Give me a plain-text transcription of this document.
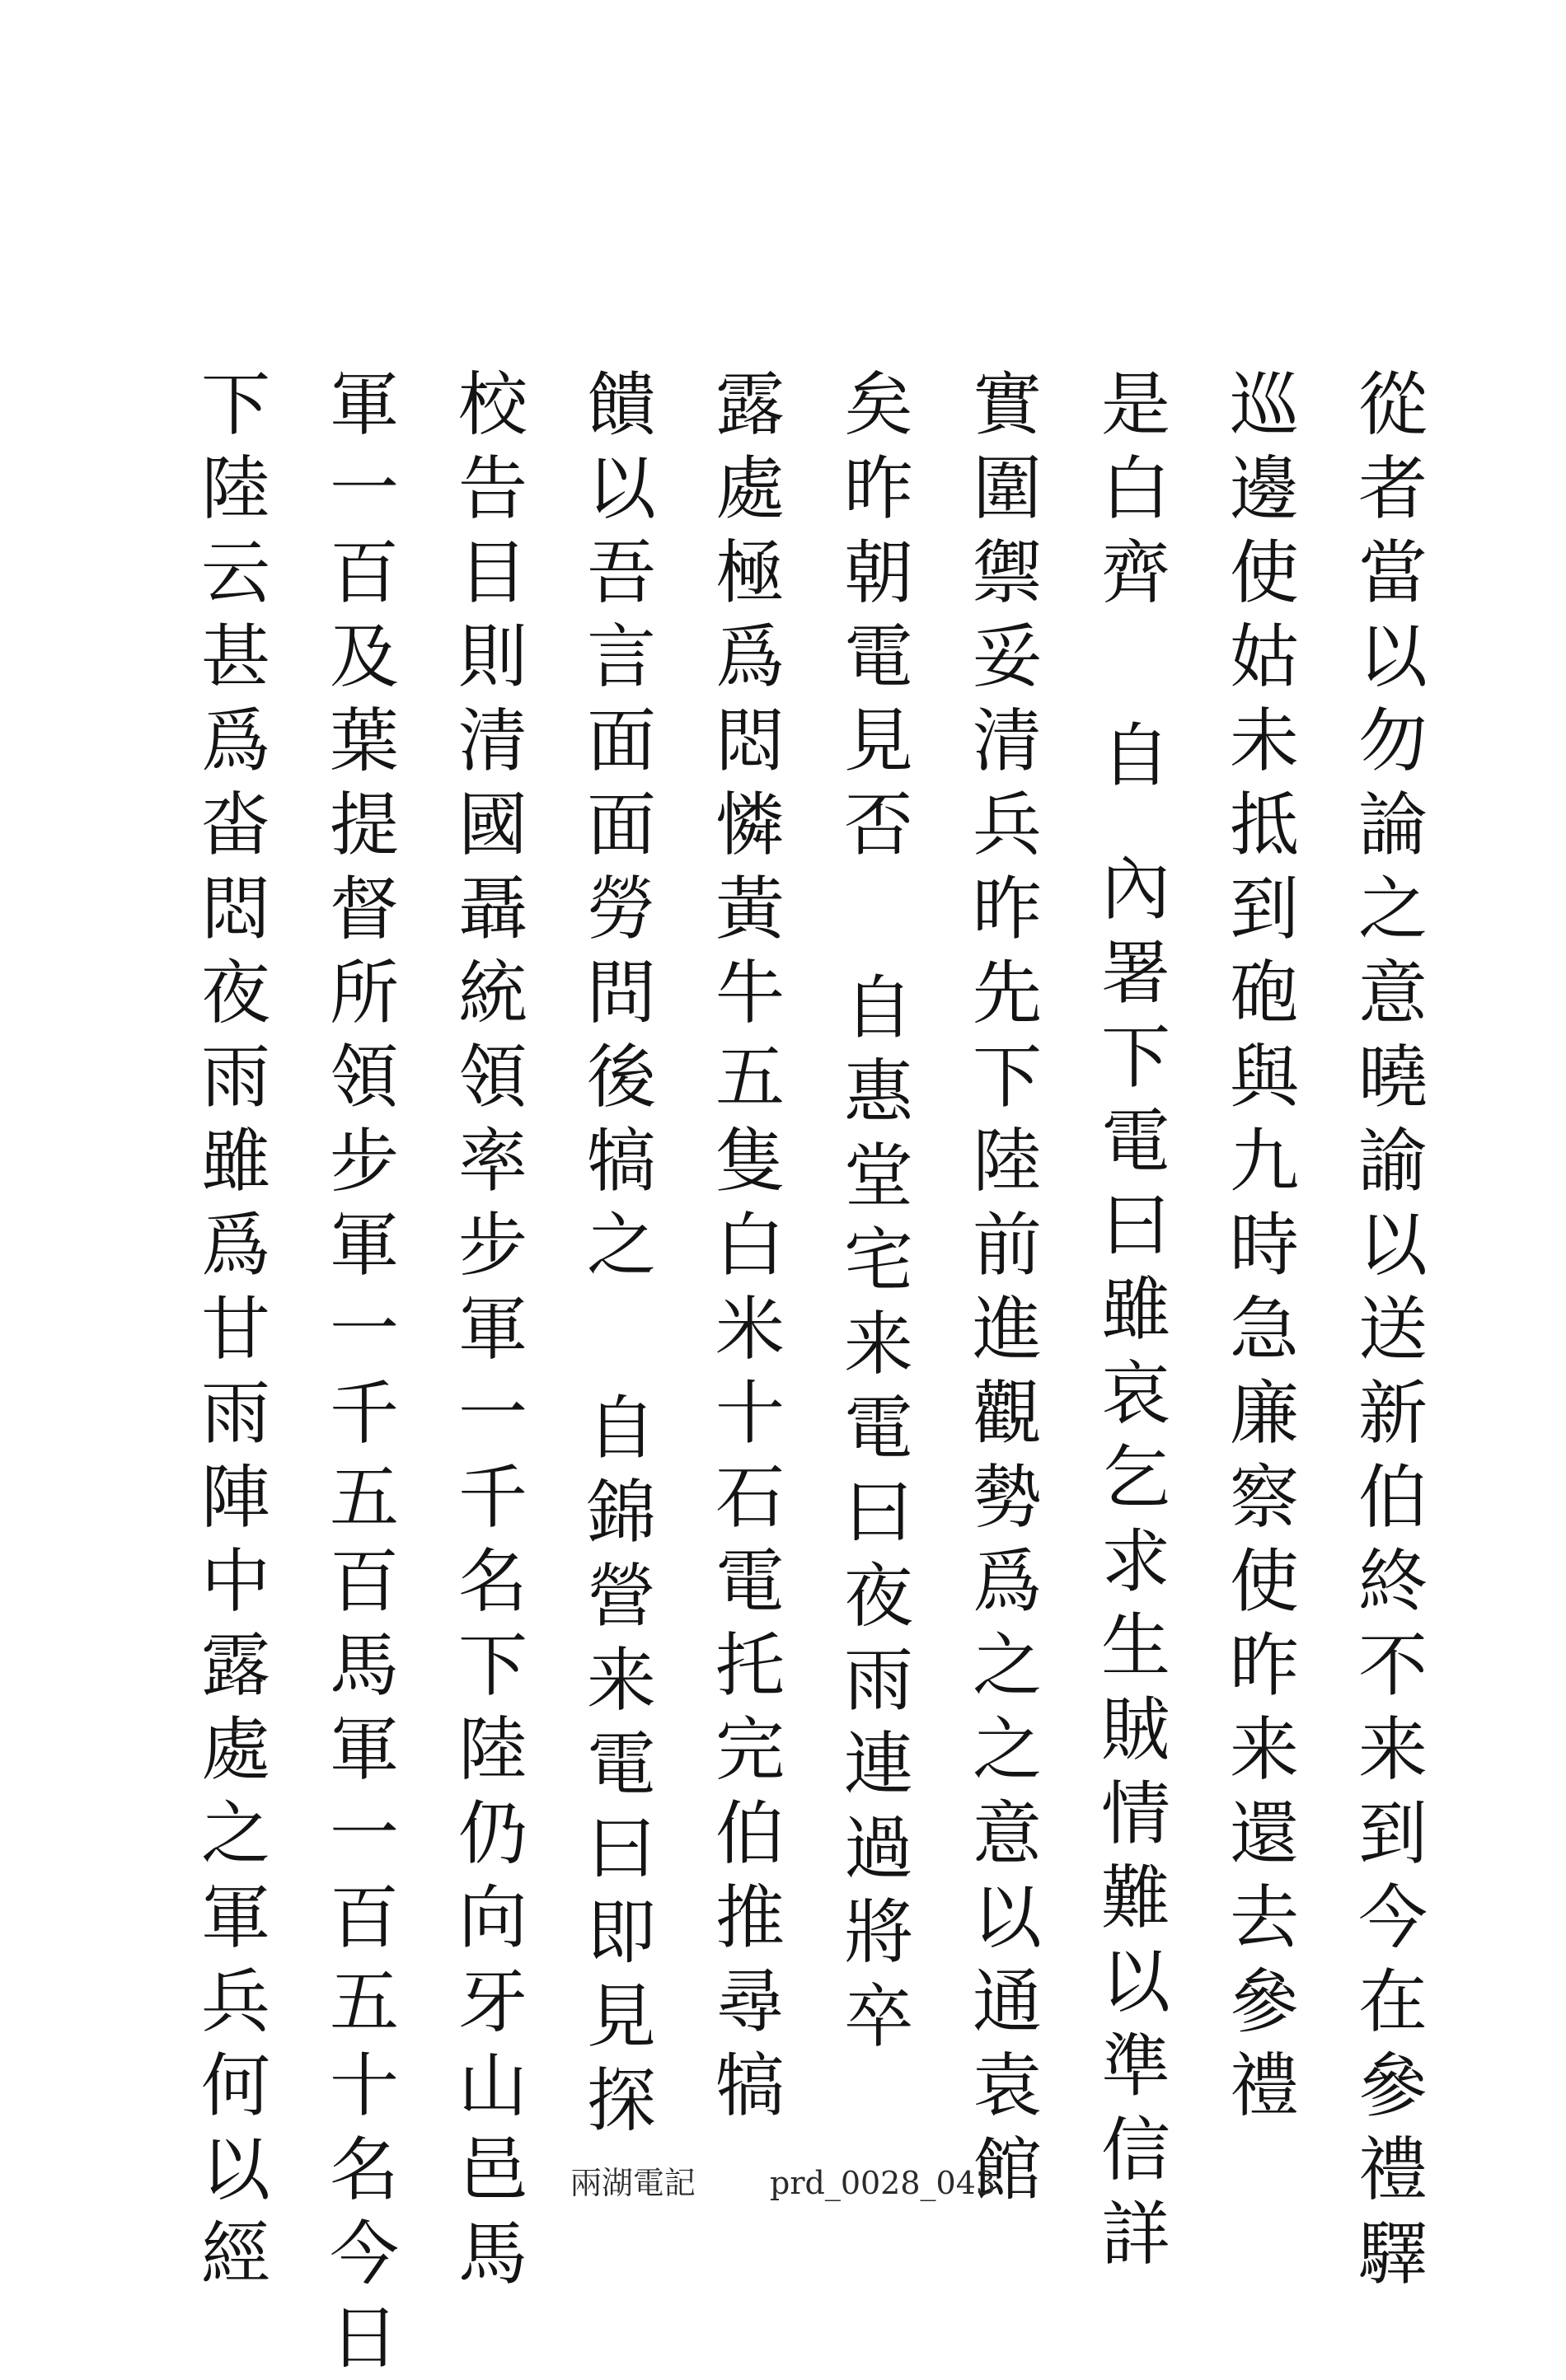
從
者
當
以
勿
論
之
意
曉
諭
以
送
新
伯
終
不
来
到
今
在
參
禮
驛
巡
邊
使
姑
未
抵
到
砲
與
九
時
急
廉
察
使
昨
来
還
去
參
禮
是
白
齊
自
內
署
下
電
曰
雖
哀
乞
求
生
賊
情
難
以
準
信
詳
實
圍
禦
妥
清
兵
昨
先
下
陸
前
進
觀
勢
爲
之
之
意
以
通
袁
館
矣
昨
朝
電
見
否
自
惠
堂
宅
来
電
曰
夜
雨
連
過
將
卒
露
處
極
爲
悶
憐
黃
牛
五
隻
白
米
十
石
電
托
完
伯
推
尋
犒
饋
以
吾
言
面
面
勞
問
後
犒
之
自
錦
營
来
電
曰
即
見
探
校
告
目
則
清
國
聶
統
領
率
步
軍
一
千
名
下
陸
仍
向
牙
山
邑
馬
軍
一
百
及
葉
提
督
所
領
步
軍
一
千
五
百
馬
軍
一
百
五
十
名
今
日
下
陸
云
甚
爲
畓
悶
夜
雨
雖
爲
甘
雨
陣
中
露
處
之
軍
兵
何
以
經
兩湖電記 prd_0028_043
